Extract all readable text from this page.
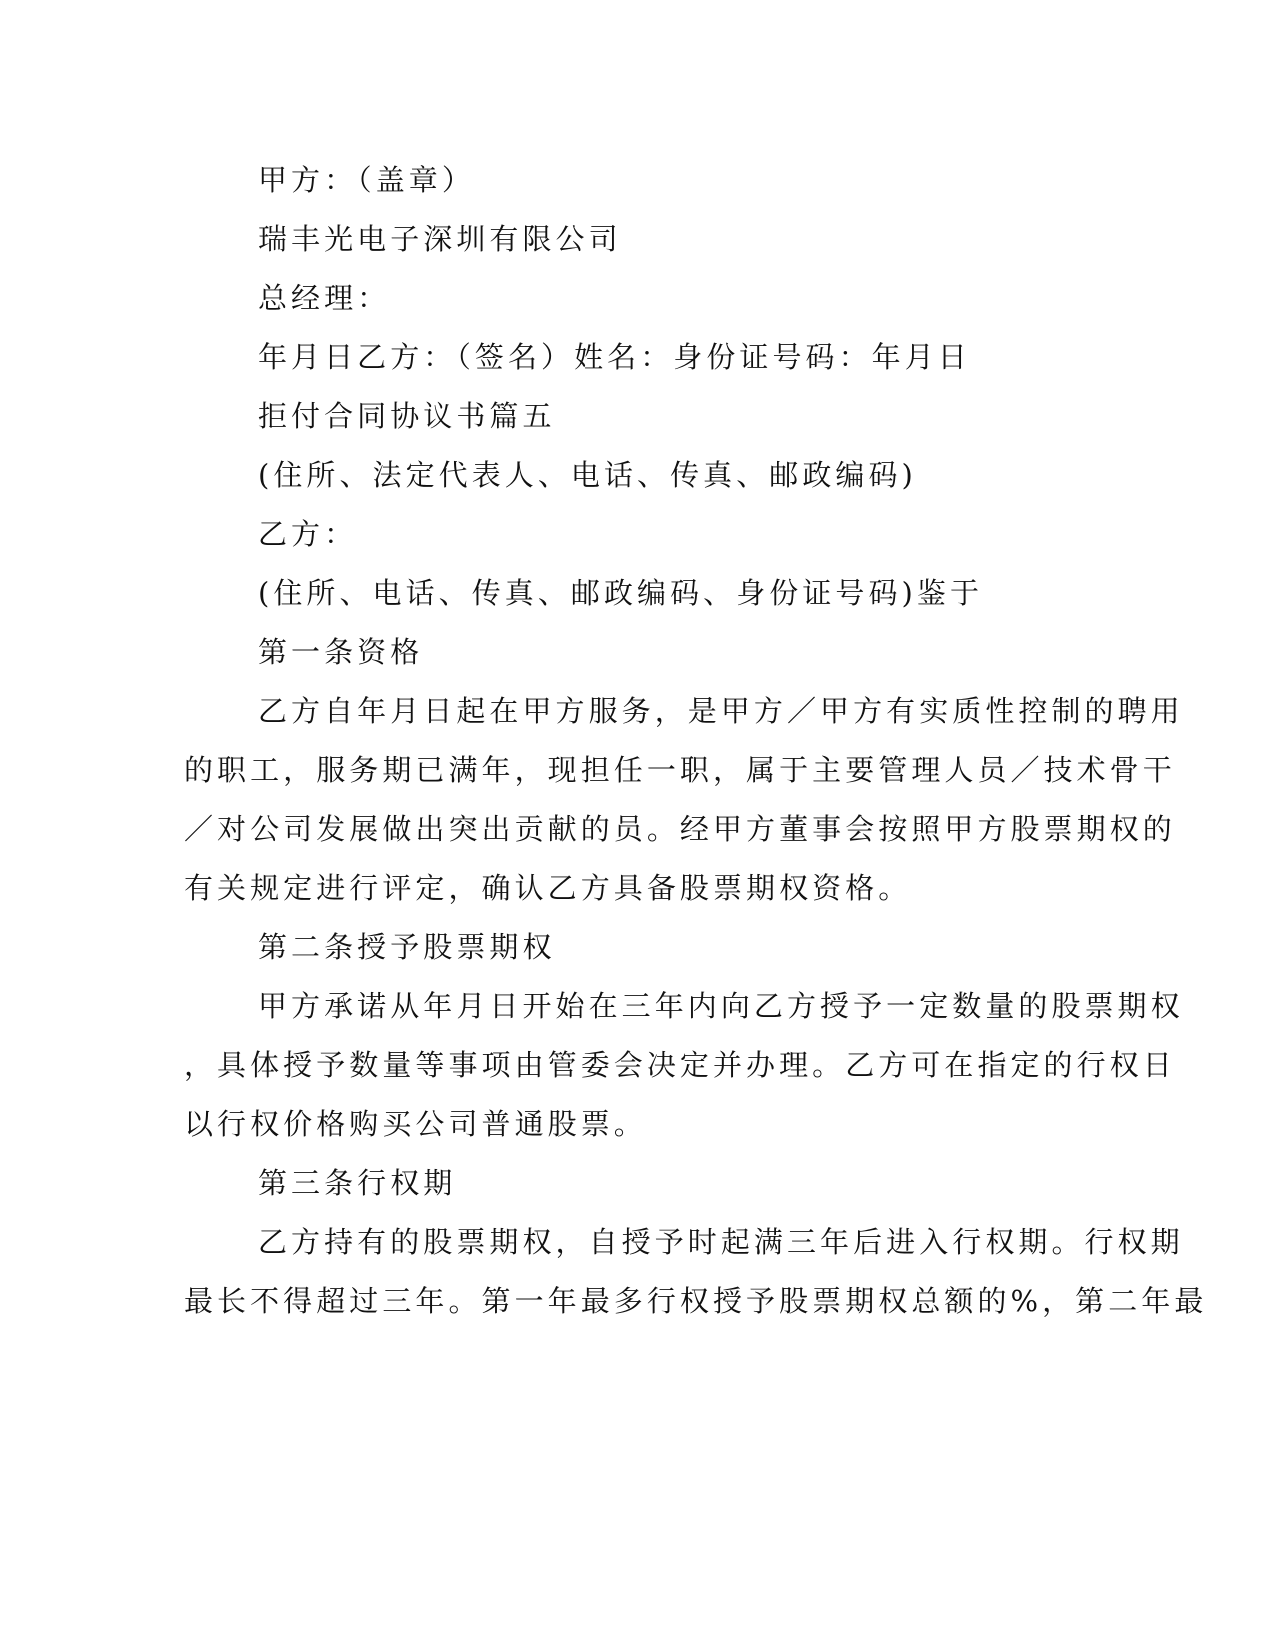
甲方：（盖章）
瑞丰光电子深圳有限公司
总经理：
年月日乙方：（签名）姓名：身份证号码：年月日
拒付合同协议书篇五
(住所、法定代表人、电话、传真、邮政编码)
乙方：
(住所、电话、传真、邮政编码、身份证号码)鉴于
第一条资格
乙方自年月日起在甲方服务，是甲方／甲方有实质性控制的聘用
的职工，服务期已满年，现担任一职，属于主要管理人员／技术骨干
／对公司发展做出突出贡献的员。经甲方董事会按照甲方股票期权的
有关规定进行评定，确认乙方具备股票期权资格。
第二条授予股票期权
甲方承诺从年月日开始在三年内向乙方授予一定数量的股票期权
，具体授予数量等事项由管委会决定并办理。乙方可在指定的行权日
以行权价格购买公司普通股票。
第三条行权期
乙方持有的股票期权，自授予时起满三年后进入行权期。行权期
最长不得超过三年。第一年最多行权授予股票期权总额的%，第二年最
